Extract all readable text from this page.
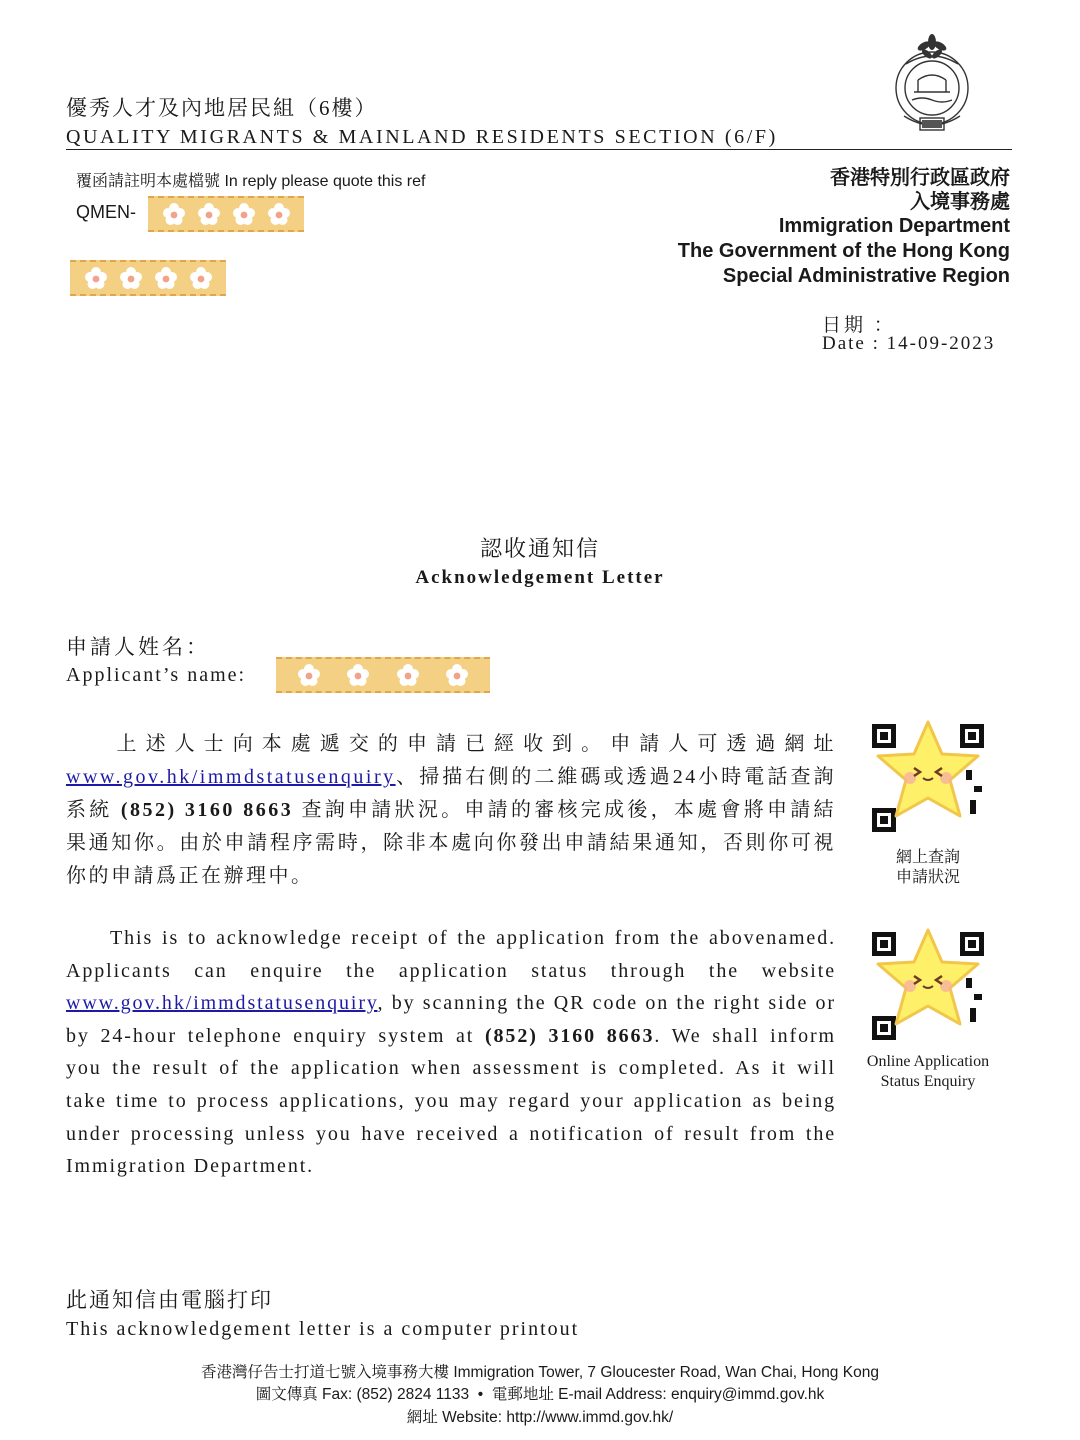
優秀人才及內地居民組（6樓）
QUALITY MIGRANTS & MAINLAND RESIDENTS SECTION (6/F)
覆函請註明本處檔號 In reply please quote this ref
QMEN-
香港特別行政區政府
入境事務處
Immigration Department
The Government of the Hong Kong
Special Administrative Region
日期 ：
Date : 14-09-2023
認收通知信
Acknowledgement Letter
申請人姓名：
Applicant’s name:
上述人士向本處遞交的申請已經收到。申請人可透過網址www.gov.hk/immdstatusenquiry、掃描右側的二維碼或透過24小時電話查詢系統 (852) 3160 8663 查詢申請狀況。申請的審核完成後，本處會將申請結果通知你。由於申請程序需時，除非本處向你發出申請結果通知，否則你可視你的申請爲正在辦理中。
This is to acknowledge receipt of the application from the abovenamed. Applicants can enquire the application status through the website www.gov.hk/immdstatusenquiry, by scanning the QR code on the right side or by 24-hour telephone enquiry system at (852) 3160 8663. We shall inform you the result of the application when assessment is completed. As it will take time to process applications, you may regard your application as being under processing unless you have received a notification of result from the Immigration Department.
網上查詢
申請狀況
Online Application
Status Enquiry
此通知信由電腦打印
This acknowledgement letter is a computer printout
香港灣仔告士打道七號入境事務大樓 Immigration Tower, 7 Gloucester Road, Wan Chai, Hong Kong
圖文傳真 Fax: (852) 2824 1133 • 電郵地址 E-mail Address: enquiry@immd.gov.hk
網址 Website: http://www.immd.gov.hk/
